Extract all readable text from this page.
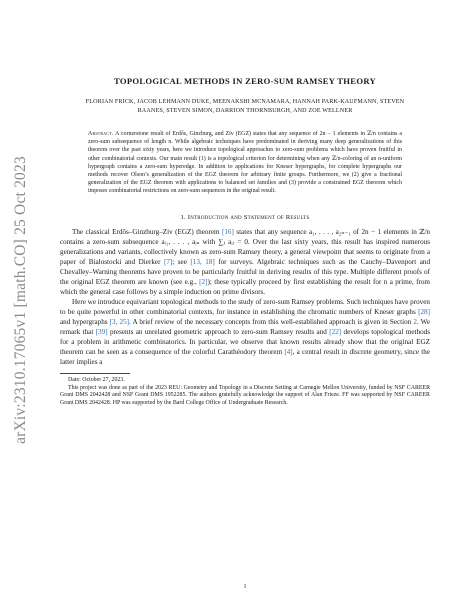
arXiv:2310.17065v1 [math.CO] 25 Oct 2023
TOPOLOGICAL METHODS IN ZERO-SUM RAMSEY THEORY
FLORIAN FRICK, JACOB LEHMANN DUKE, MEENAKSHI MCNAMARA, HANNAH PARK-KAUFMANN, STEVEN RAANES, STEVEN SIMON, DARRION THORNBURGH, AND ZOE WELLNER
Abstract. A cornerstone result of Erdős, Ginzburg, and Ziv (EGZ) states that any sequence of 2n − 1 elements in ℤ/n contains a zero-sum subsequence of length n. While algebraic techniques have predominated in deriving many deep generalizations of this theorem over the past sixty years, here we introduce topological approaches to zero-sum problems which have proven fruitful in other combinatorial contexts. Our main result (1) is a topological criterion for determining when any ℤ/n-coloring of an n-uniform hypergraph contains a zero-sum hyperedge. In addition to applications for Kneser hypergraphs, for complete hypergraphs our methods recover Olson’s generalization of the EGZ theorem for arbitrary finite groups. Furthermore, we (2) give a fractional generalization of the EGZ theorem with applications to balanced set families and (3) provide a constrained EGZ theorem which imposes combinatorial restrictions on zero-sum sequences in the original result.
1. Introduction and Statement of Results

The classical Erdős–Ginzburg–Ziv (EGZ) theorem [16] states that any sequence a₁, . . . , a₂ₙ₋₁ of 2n − 1 elements in ℤ/n contains a zero-sum subsequence aᵢ₁, . . . , aᵢₙ with ∑ⱼ aᵢⱼ = 0. Over the last sixty years, this result has inspired numerous generalizations and variants, collectively known as zero-sum Ramsey theory, a general viewpoint that seems to originate from a paper of Bialostocki and Dierker [7]; see [13, 18] for surveys. Algebraic techniques such as the Cauchy–Davenport and Chevalley–Warning theorems have proven to be particularly fruitful in deriving results of this type. Multiple different proofs of the original EGZ theorem are known (see e.g., [2]); these typically proceed by first establishing the result for n a prime, from which the general case follows by a simple induction on prime divisors.

Here we introduce equivariant topological methods to the study of zero-sum Ramsey problems. Such techniques have proven to be quite powerful in other combinatorial contexts, for instance in establishing the chromatic numbers of Kneser graphs [28] and hypergraphs [3, 25]. A brief review of the necessary concepts from this well-established approach is given in Section 2. We remark that [39] presents an unrelated geometric approach to zero-sum Ramsey results and [22] develops topological methods for a problem in arithmetic combinatorics. In particular, we observe that known results already show that the original EGZ theorem can be seen as a consequence of the colorful Carathéodory theorem [4], a central result in discrete geometry, since the latter implies a

Date: October 27, 2023.

This project was done as part of the 2023 REU: Geometry and Topology in a Discrete Setting at Carnegie Mellon University, funded by NSF CAREER Grant DMS 2042428 and NSF Grant DMS 1952285. The authors gratefully acknowledge the support of Alan Frieze. FF was supported by NSF CAREER Grant DMS 2042428. HP was supported by the Bard College Office of Undergraduate Research.

1
